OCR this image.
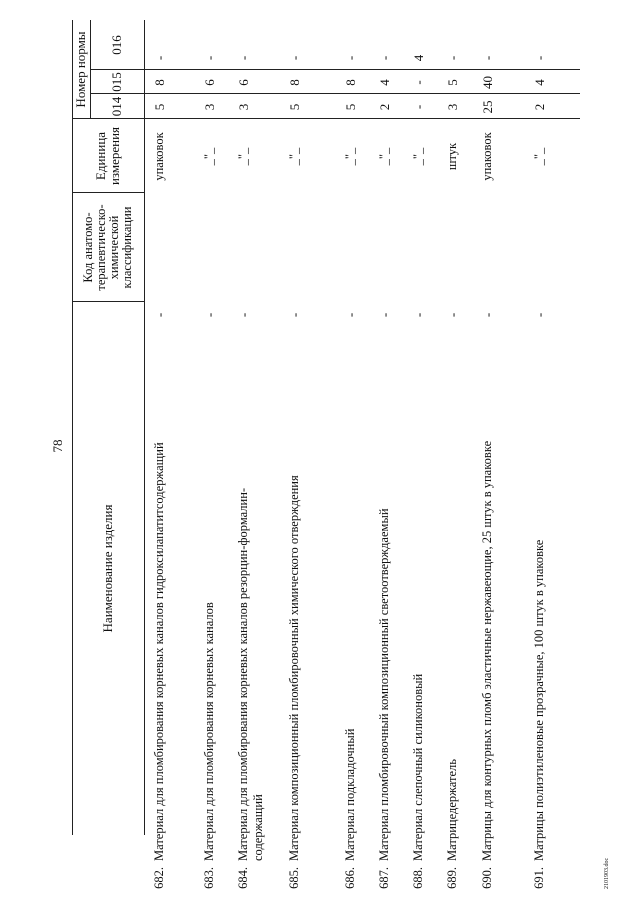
78
2101903.doc
Наименование изделия
Код анатомо-терапевтическо-химической классификации
Единица измерения
Номер нормы	014
015
016
682.
Материал для пломбирования корневых каналов гидроксилапатитсодержащий
-
упаковок
5
8
-
683.
Материал для пломбирования корневых каналов
-
_"_
3
6
-
684.
Материал для пломбирования корневых каналов резорцин-формалин-содержащий
-
_"_
3
6
-
685.
Материал композиционный пломбировочный химического отверждения
-
_"_
5
8
-
686.
Материал подкладочный
-
_"_
5
8
-
687.
Материал пломбировочный композиционный светоотверждаемый
-
_"_
2
4
-
688.
Материал слепочный силиконовый
-
_"_
-
-
4
689.
Матрицедержатель
-
штук
3
5
-
690.
Матрицы для контурных пломб эластичные нержавеющие, 25 штук в упаковке
-
упаковок
25
40
-
691.
Матрицы полиэтиленовые прозрачные, 100 штук в упаковке
-
_"_
2
4
-
